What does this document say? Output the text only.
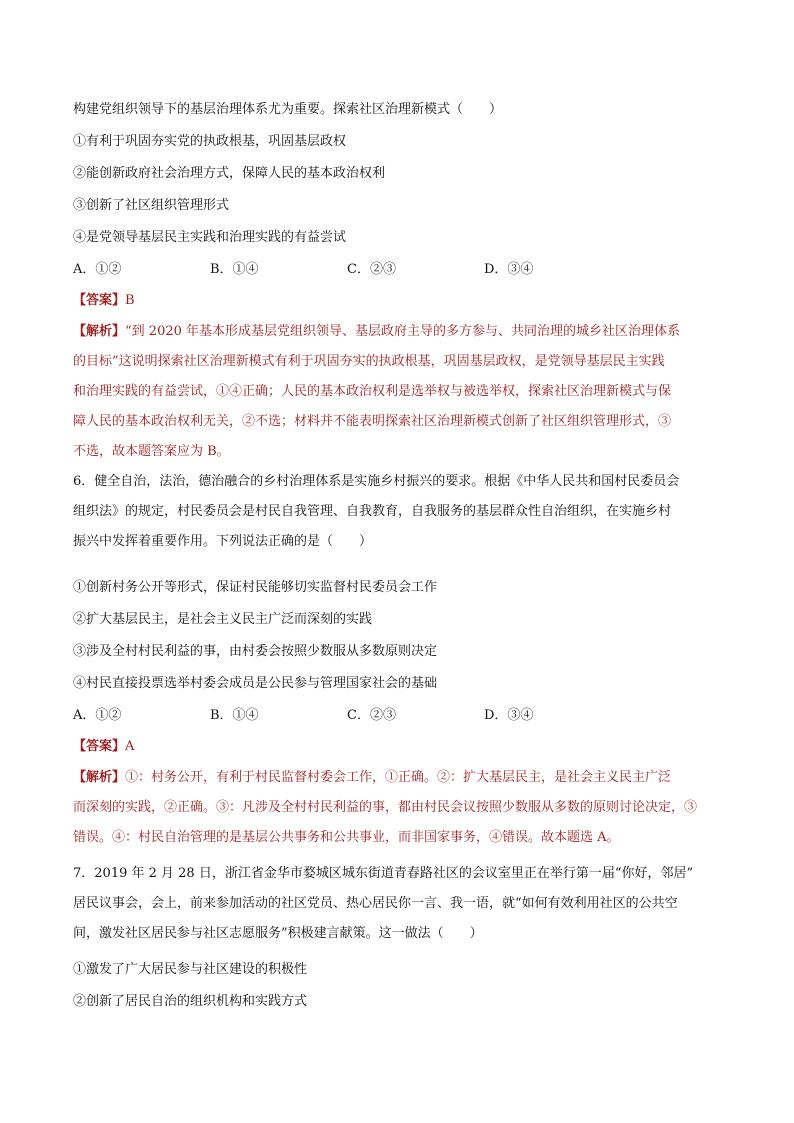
构建党组织领导下的基层治理体系尤为重要。探索社区治理新模式（　　）
①有利于巩固夯实党的执政根基，巩固基层政权
②能创新政府社会治理方式，保障人民的基本政治权利
③创新了社区组织管理形式
④是党领导基层民主实践和治理实践的有益尝试
A．①②	B．①④	C．②③	D．③④
【答案】B
【解析】“到 2020 年基本形成基层党组织领导、基层政府主导的多方参与、共同治理的城乡社区治理体系
的目标”这说明探索社区治理新模式有利于巩固夯实的执政根基，巩固基层政权，是党领导基层民主实践
和治理实践的有益尝试，①④正确；人民的基本政治权利是选举权与被选举权，探索社区治理新模式与保
障人民的基本政治权利无关，②不选；材料并不能表明探索社区治理新模式创新了社区组织管理形式，③
不选，故本题答案应为 B。
6．健全自治，法治，德治融合的乡村治理体系是实施乡村振兴的要求。根据《中华人民共和国村民委员会
组织法》的规定，村民委员会是村民自我管理、自我教育，自我服务的基层群众性自治组织，在实施乡村
振兴中发挥着重要作用。下列说法正确的是（　　）
①创新村务公开等形式，保证村民能够切实监督村民委员会工作
②扩大基层民主，是社会主义民主广泛而深刻的实践
③涉及全村村民利益的事，由村委会按照少数服从多数原则决定
④村民直接投票选举村委会成员是公民参与管理国家社会的基础
A．①②	B．①④	C．②③	D．③④
【答案】A
【解析】①：村务公开，有利于村民监督村委会工作，①正确。②：扩大基层民主，是社会主义民主广泛
而深刻的实践，②正确。③：凡涉及全村村民利益的事，都由村民会议按照少数服从多数的原则讨论决定，③
错误。④：村民自治管理的是基层公共事务和公共事业，而非国家事务，④错误。故本题选 A。
7．2019 年 2 月 28 日，浙江省金华市婺城区城东街道青春路社区的会议室里正在举行第一届“你好，邻居”
居民议事会，会上，前来参加活动的社区党员、热心居民你一言、我一语，就“如何有效利用社区的公共空
间，激发社区居民参与社区志愿服务”积极建言献策。这一做法（　　）
①激发了广大居民参与社区建设的积极性
②创新了居民自治的组织机构和实践方式
